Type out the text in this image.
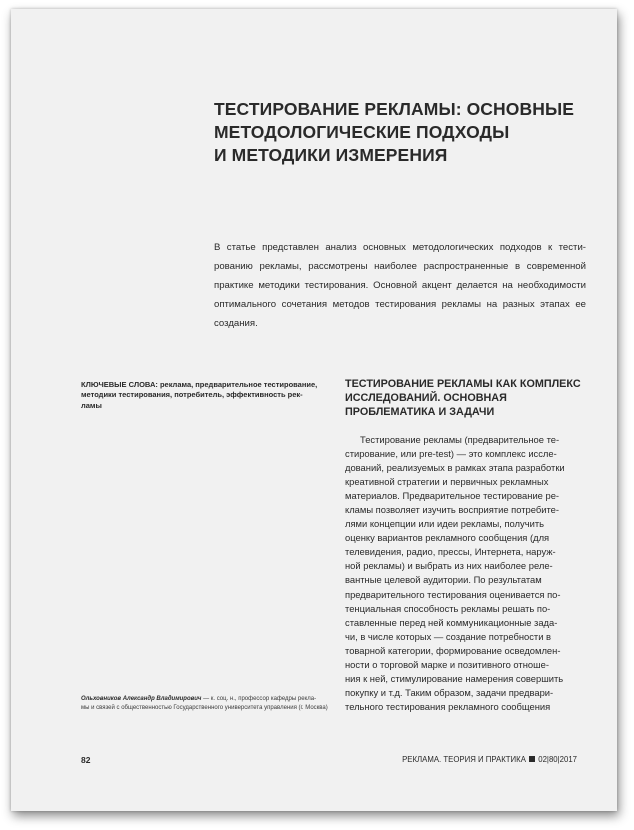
ТЕСТИРОВАНИЕ РЕКЛАМЫ: ОСНОВНЫЕ
МЕТОДОЛОГИЧЕСКИЕ ПОДХОДЫ
И МЕТОДИКИ ИЗМЕРЕНИЯ

В статье представлен анализ основных методологических подходов к тести-
рованию рекламы, рассмотрены наиболее распространенные в современной
практике методики тестирования. Основной акцент делается на необходимости
оптимального сочетания методов тестирования рекламы на разных этапах ее
создания.

КЛЮЧЕВЫЕ СЛОВА: реклама, предварительное тестирование,
методики тестирования, потребитель, эффективность рек-
ламы
ТЕСТИРОВАНИЕ РЕКЛАМЫ КАК КОМПЛЕКС
ИССЛЕДОВАНИЙ. ОСНОВНАЯ
ПРОБЛЕМАТИКА И ЗАДАЧИ

Тестирование рекламы (предварительное те-
стирование, или pre-test) — это комплекс иссле-
дований, реализуемых в рамках этапа разработки
креативной стратегии и первичных рекламных
материалов. Предварительное тестирование ре-
кламы позволяет изучить восприятие потребите-
лями концепции или идеи рекламы, получить
оценку вариантов рекламного сообщения (для
телевидения, радио, прессы, Интернета, наруж-
ной рекламы) и выбрать из них наиболее реле-
вантные целевой аудитории. По результатам
предварительного тестирования оценивается по-
тенциальная способность рекламы решать по-
ставленные перед ней коммуникационные зада-
чи, в числе которых — создание потребности в
товарной категории, формирование осведомлен-
ности о торговой марке и позитивного отноше-
ния к ней, стимулирование намерения совершить
покупку и т.д. Таким образом, задачи предвари-
тельного тестирования рекламного сообщения

Ольховников Александр Владимирович — к. соц. н., профессор кафедры рекла-
мы и связей с общественностью Государственного университета управления (г. Москва)
82	РЕКЛАМА. ТЕОРИЯ И ПРАКТИКА 02|80|2017
